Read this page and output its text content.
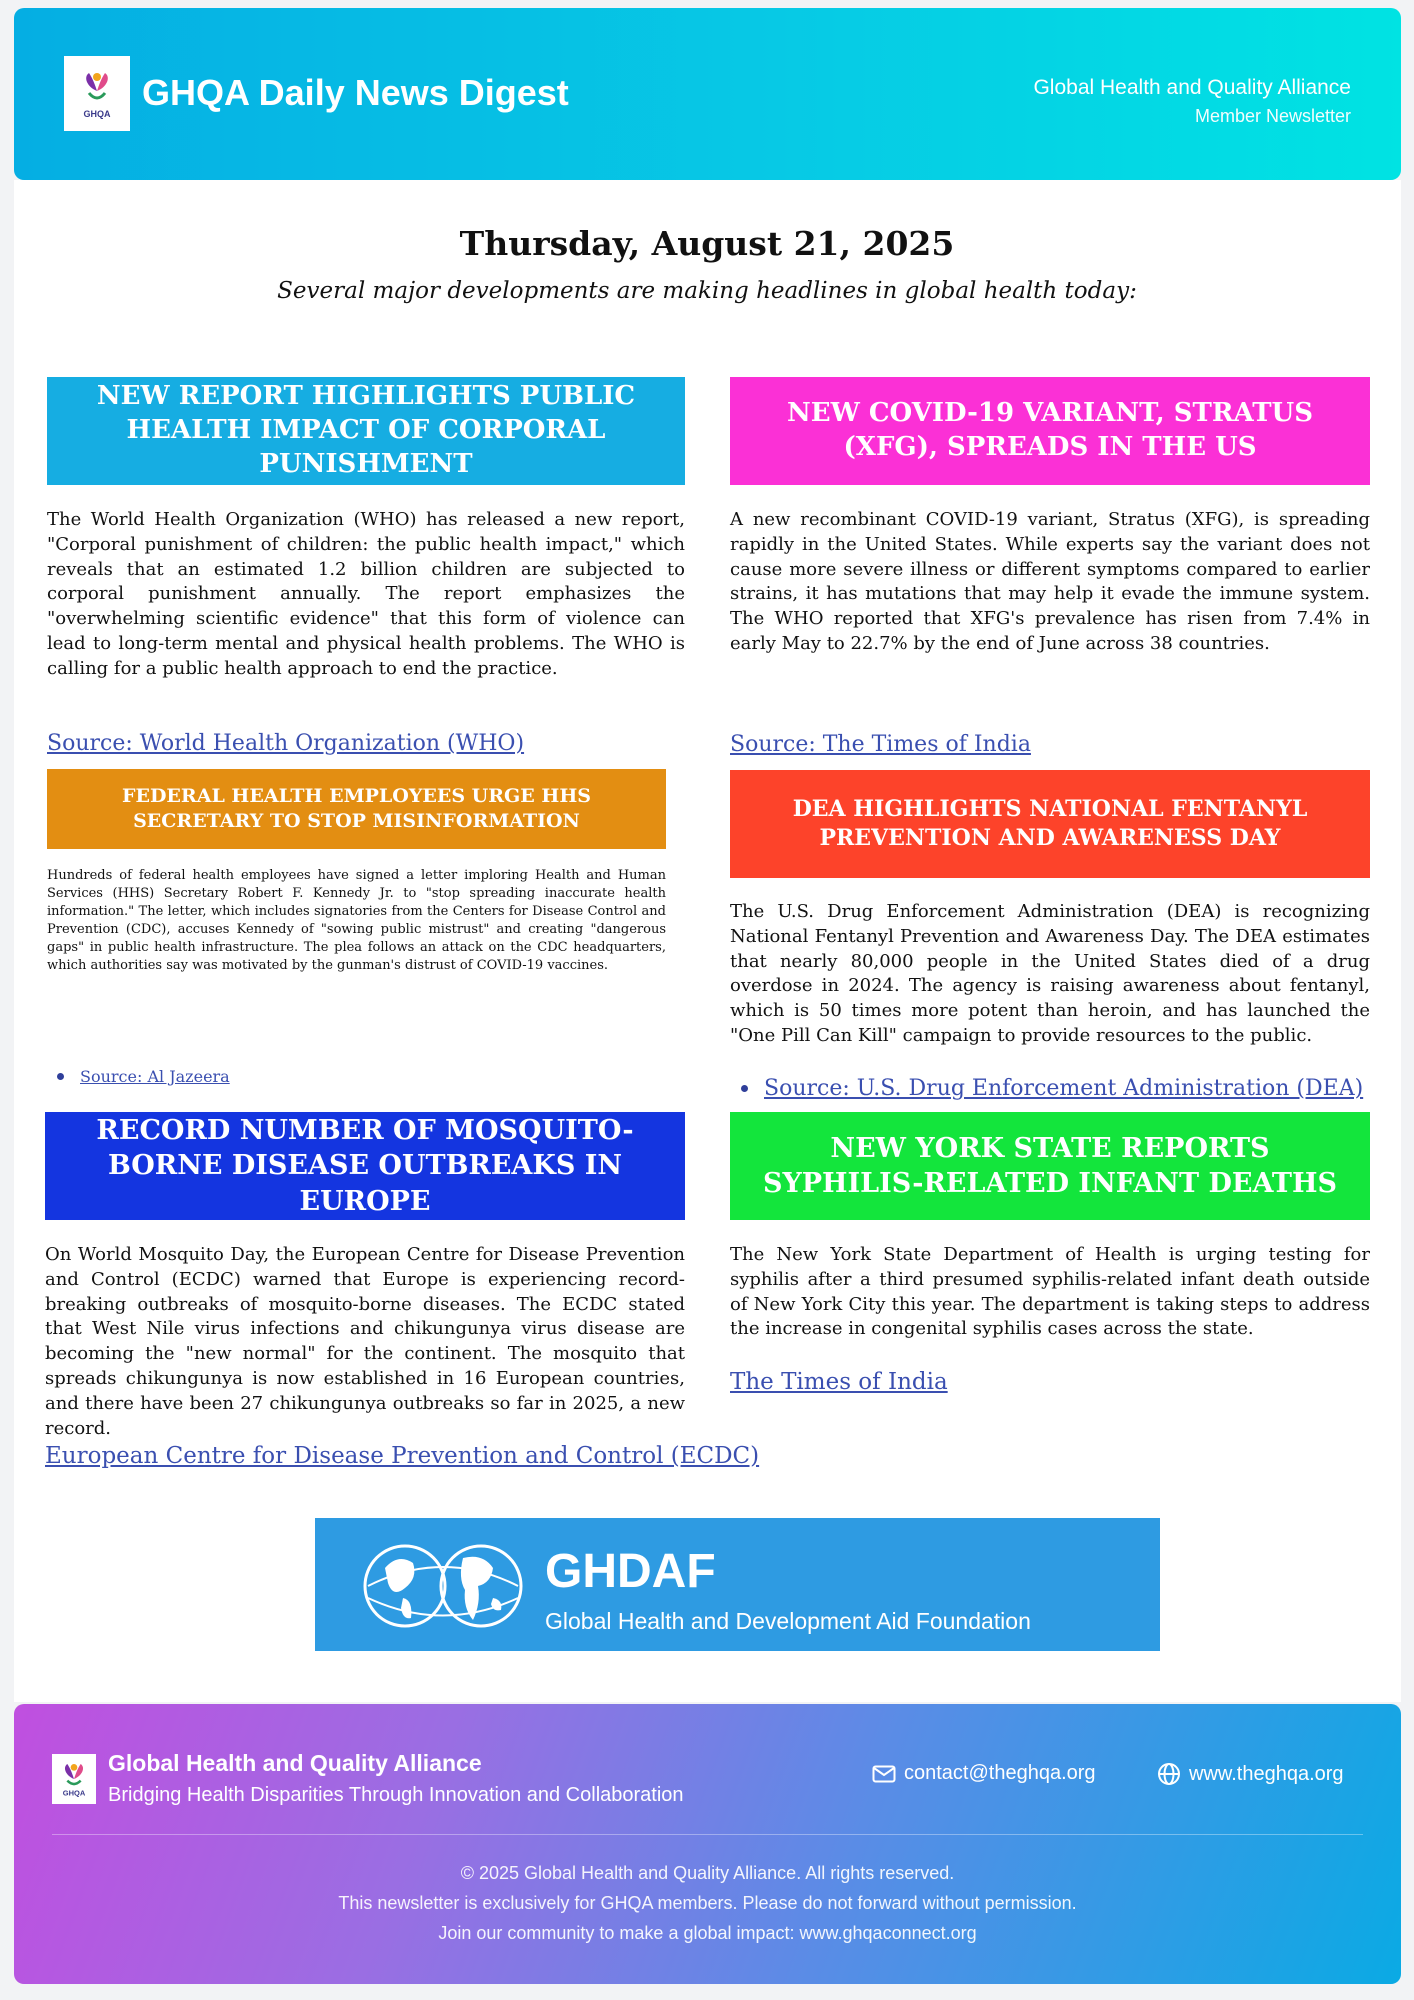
GHQA
GHQA Daily News Digest	Global Health and Quality Alliance
Member Newsletter
Thursday, August 21, 2025
Several major developments are making headlines in global health today:
NEW REPORT HIGHLIGHTS PUBLIC HEALTH IMPACT OF CORPORAL PUNISHMENT
The World Health Organization (WHO) has released a new report, "Corporal punishment of children: the public health impact," which reveals that an estimated 1.2 billion children are subjected to corporal punishment annually. The report emphasizes the "overwhelming scientific evidence" that this form of violence can lead to long-term mental and physical health problems. The WHO is calling for a public health approach to end the practice.
Source: World Health Organization (WHO)
NEW COVID-19 VARIANT, STRATUS (XFG), SPREADS IN THE US
A new recombinant COVID-19 variant, Stratus (XFG), is spreading rapidly in the United States. While experts say the variant does not cause more severe illness or different symptoms compared to earlier strains, it has mutations that may help it evade the immune system. The WHO reported that XFG's prevalence has risen from 7.4% in early May to 22.7% by the end of June across 38 countries.
Source: The Times of India
FEDERAL HEALTH EMPLOYEES URGE HHS SECRETARY TO STOP MISINFORMATION
Hundreds of federal health employees have signed a letter imploring Health and Human Services (HHS) Secretary Robert F. Kennedy Jr. to "stop spreading inaccurate health information." The letter, which includes signatories from the Centers for Disease Control and Prevention (CDC), accuses Kennedy of "sowing public mistrust" and creating "dangerous gaps" in public health infrastructure. The plea follows an attack on the CDC headquarters, which authorities say was motivated by the gunman's distrust of COVID-19 vaccines.
Source: Al Jazeera
DEA HIGHLIGHTS NATIONAL FENTANYL PREVENTION AND AWARENESS DAY
The U.S. Drug Enforcement Administration (DEA) is recognizing National Fentanyl Prevention and Awareness Day. The DEA estimates that nearly 80,000 people in the United States died of a drug overdose in 2024. The agency is raising awareness about fentanyl, which is 50 times more potent than heroin, and has launched the "One Pill Can Kill" campaign to provide resources to the public.
Source: U.S. Drug Enforcement Administration (DEA)
RECORD NUMBER OF MOSQUITO-BORNE DISEASE OUTBREAKS IN EUROPE
On World Mosquito Day, the European Centre for Disease Prevention and Control (ECDC) warned that Europe is experiencing record-breaking outbreaks of mosquito-borne diseases. The ECDC stated that West Nile virus infections and chikungunya virus disease are becoming the "new normal" for the continent. The mosquito that spreads chikungunya is now established in 16 European countries, and there have been 27 chikungunya outbreaks so far in 2025, a new record.
European Centre for Disease Prevention and Control (ECDC)
NEW YORK STATE REPORTS SYPHILIS-RELATED INFANT DEATHS
The New York State Department of Health is urging testing for syphilis after a third presumed syphilis-related infant death outside of New York City this year. The department is taking steps to address the increase in congenital syphilis cases across the state.
The Times of India
GHDAF
Global Health and Development Aid Foundation
GHQA
Global Health and Quality Alliance
Bridging Health Disparities Through Innovation and Collaboration
contact@theghqa.org	www.theghqa.org
© 2025 Global Health and Quality Alliance. All rights reserved.
This newsletter is exclusively for GHQA members. Please do not forward without permission.
Join our community to make a global impact: www.ghqaconnect.org
